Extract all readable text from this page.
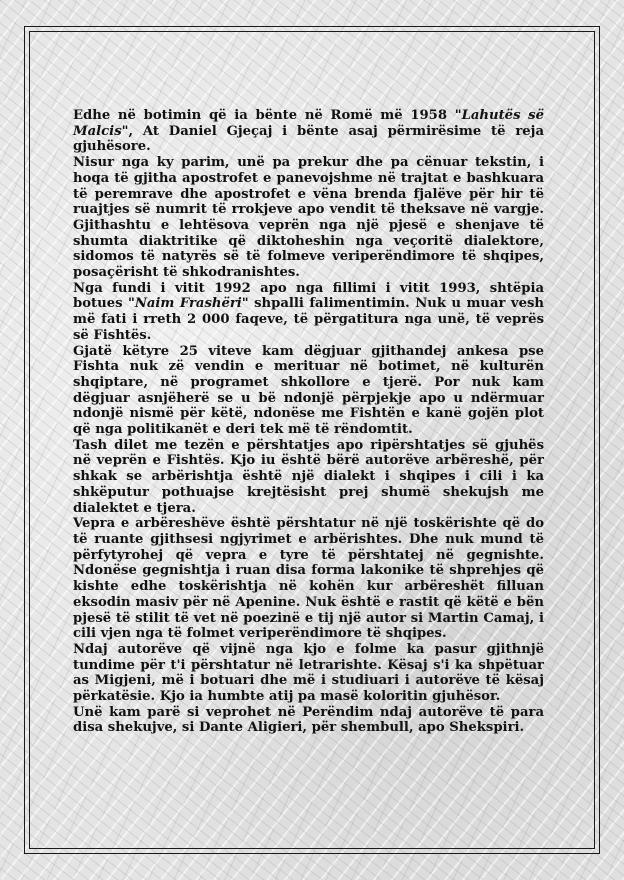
Edhe në botimin që ia bënte në Romë më 1958 "Lahutës së Malcis", At Daniel Gjeçaj i bënte asaj përmirësime të reja gjuhësore.

Nisur nga ky parim, unë pa prekur dhe pa cënuar tekstin, i hoqa të gjitha apostrofet e panevojshme në trajtat e bashkuara të peremrave dhe apostrofet e vëna brenda fjalëve për hir të ruajtjes së numrit të rrokjeve apo vendit të theksave në vargje. Gjithashtu e lehtësova veprën nga një pjesë e shenjave të shumta diaktritike që diktoheshin nga veçoritë dialektore, sidomos të natyrës së të folmeve veriperëndimore të shqipes, posaçërisht të shkodranishtes.

Nga fundi i vitit 1992 apo nga fillimi i vitit 1993, shtëpia botues "Naim Frashëri" shpalli falimentimin. Nuk u muar vesh më fati i rreth 2 000 faqeve, të përgatitura nga unë, të veprës së Fishtës.

Gjatë këtyre 25 viteve kam dëgjuar gjithandej ankesa pse Fishta nuk zë vendin e merituar në botimet, në kulturën shqiptare, në programet shkollore e tjerë. Por nuk kam dëgjuar asnjëherë se u bë ndonjë përpjekje apo u ndërmuar ndonjë nismë për këtë, ndonëse me Fishtën e kanë gojën plot që nga politikanët e deri tek më të rëndomtit.

Tash dilet me tezën e përshtatjes apo ripërshtatjes së gjuhës në veprën e Fishtës. Kjo iu është bërë autorëve arbëreshë, për shkak se arbërishtja është një dialekt i shqipes i cili i ka shkëputur pothuajse krejtësisht prej shumë shekujsh me dialektet e tjera.

Vepra e arbëreshëve është përshtatur në një toskërishte që do të ruante gjithsesi ngjyrimet e arbërishtes. Dhe nuk mund të përfytyrohej që vepra e tyre të përshtatej në gegnishte. Ndonëse gegnishtja i ruan disa forma lakonike të shprehjes që kishte edhe toskërishtja në kohën kur arbëreshët filluan eksodin masiv për në Apenine. Nuk është e rastit që këtë e bën pjesë të stilit të vet në poezinë e tij një autor si Martin Camaj, i cili vjen nga të folmet veriperëndimore të shqipes.

Ndaj autorëve që vijnë nga kjo e folme ka pasur gjithnjë tundime për t'i përshtatur në letrarishte. Kësaj s'i ka shpëtuar as Migjeni, më i botuari dhe më i studiuari i autorëve të kësaj përkatësie. Kjo ia humbte atij pa masë koloritin gjuhësor.

Unë kam parë si veprohet në Perëndim ndaj autorëve të para disa shekujve, si Dante Aligieri, për shembull, apo Shekspiri.
